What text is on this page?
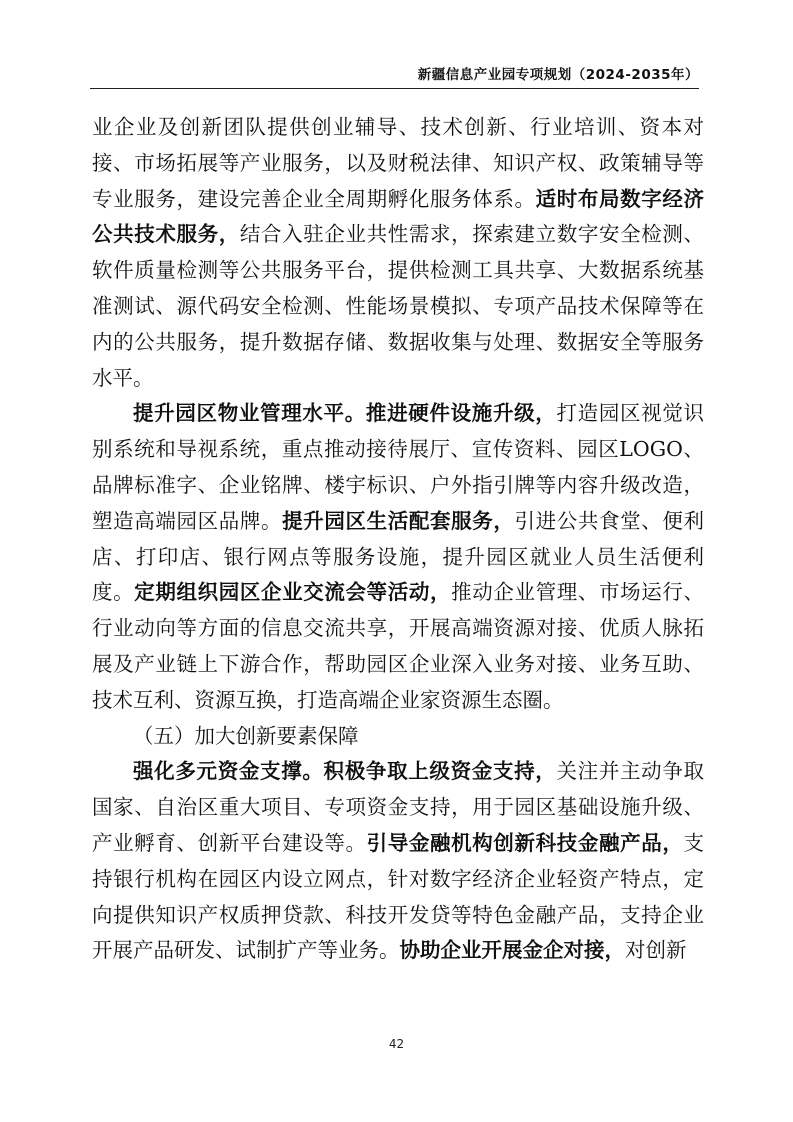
新疆信息产业园专项规划（2024-2035年）

业企业及创新团队提供创业辅导、技术创新、行业培训、资本对接、市场拓展等产业服务，以及财税法律、知识产权、政策辅导等专业服务，建设完善企业全周期孵化服务体系。适时布局数字经济公共技术服务，结合入驻企业共性需求，探索建立数字安全检测、软件质量检测等公共服务平台，提供检测工具共享、大数据系统基准测试、源代码安全检测、性能场景模拟、专项产品技术保障等在内的公共服务，提升数据存储、数据收集与处理、数据安全等服务水平。

提升园区物业管理水平。推进硬件设施升级，打造园区视觉识别系统和导视系统，重点推动接待展厅、宣传资料、园区LOGO、品牌标准字、企业铭牌、楼宇标识、户外指引牌等内容升级改造，塑造高端园区品牌。提升园区生活配套服务，引进公共食堂、便利店、打印店、银行网点等服务设施，提升园区就业人员生活便利度。定期组织园区企业交流会等活动，推动企业管理、市场运行、行业动向等方面的信息交流共享，开展高端资源对接、优质人脉拓展及产业链上下游合作，帮助园区企业深入业务对接、业务互助、技术互利、资源互换，打造高端企业家资源生态圈。

（五）加大创新要素保障

强化多元资金支撑。积极争取上级资金支持，关注并主动争取国家、自治区重大项目、专项资金支持，用于园区基础设施升级、产业孵育、创新平台建设等。引导金融机构创新科技金融产品，支持银行机构在园区内设立网点，针对数字经济企业轻资产特点，定向提供知识产权质押贷款、科技开发贷等特色金融产品，支持企业开展产品研发、试制扩产等业务。协助企业开展金企对接，对创新

42
